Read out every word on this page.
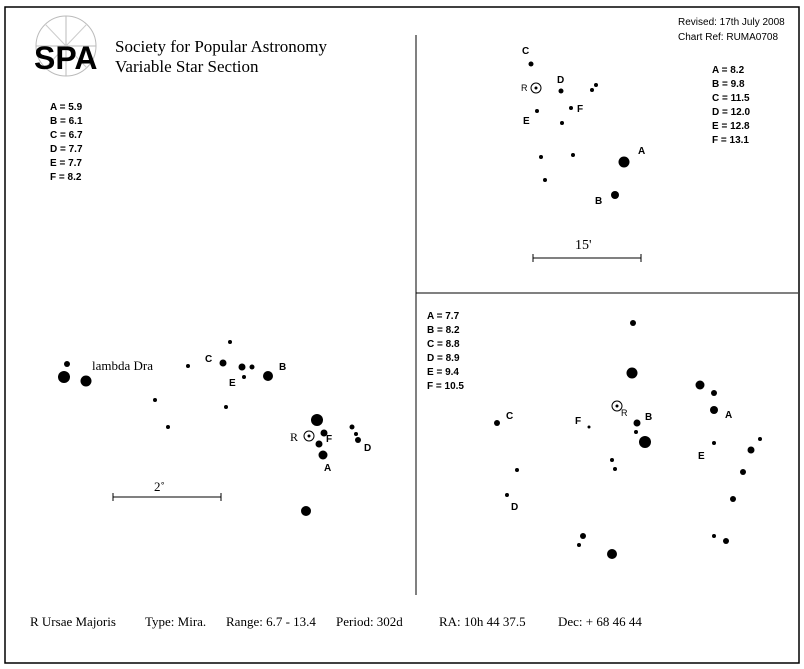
SPA Society for Popular Astronomy
Variable Star Section
Revised: 17th July 2008
Chart Ref: RUMA0708
A = 5.9
B = 6.1
C = 6.7
D = 7.7
E = 7.7
F = 8.2
lambda Dra	C
E
B
R	F
D
A
2˚
A = 8.2
B = 9.8
C = 11.5
D = 12.0
E = 12.8
F = 13.1
C
R
D
F
E
A
B
15'
A = 7.7
B = 8.2
C = 8.8
D = 8.9
E = 9.4
F = 10.5
R B	A
F
C
E
D
R Ursae Majoris Type: Mira. Range: 6.7 - 13.4 Period: 302d	RA: 10h 44 37.5 Dec: + 68 46 44
